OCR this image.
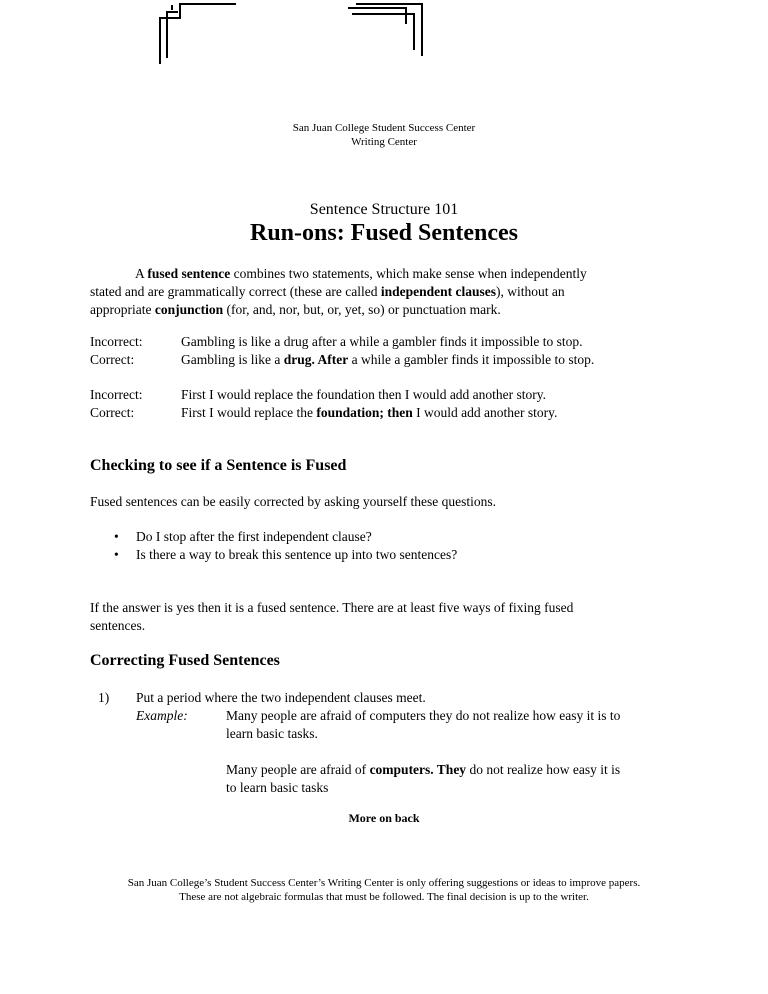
San Juan College Student Success Center
Writing Center
Sentence Structure 101
Run-ons: Fused Sentences
A fused sentence combines two statements, which make sense when independently
stated and are grammatically correct (these are called independent clauses), without an
appropriate conjunction (for, and, nor, but, or, yet, so) or punctuation mark.
Incorrect:	Gambling is like a drug after a while a gambler finds it impossible to stop.
Correct:	Gambling is like a drug. After a while a gambler finds it impossible to stop.
Incorrect:	First I would replace the foundation then I would add another story.
Correct:	First I would replace the foundation; then I would add another story.
Checking to see if a Sentence is Fused
Fused sentences can be easily corrected by asking yourself these questions.
•	Do I stop after the first independent clause?
•	Is there a way to break this sentence up into two sentences?
If the answer is yes then it is a fused sentence. There are at least five ways of fixing fused
sentences.
Correcting Fused Sentences
1)	Put a period where the two independent clauses meet.
Example:	Many people are afraid of computers they do not realize how easy it is to
learn basic tasks.
Many people are afraid of computers. They do not realize how easy it is
to learn basic tasks
More on back
San Juan College’s Student Success Center’s Writing Center is only offering suggestions or ideas to improve papers.
These are not algebraic formulas that must be followed. The final decision is up to the writer.
